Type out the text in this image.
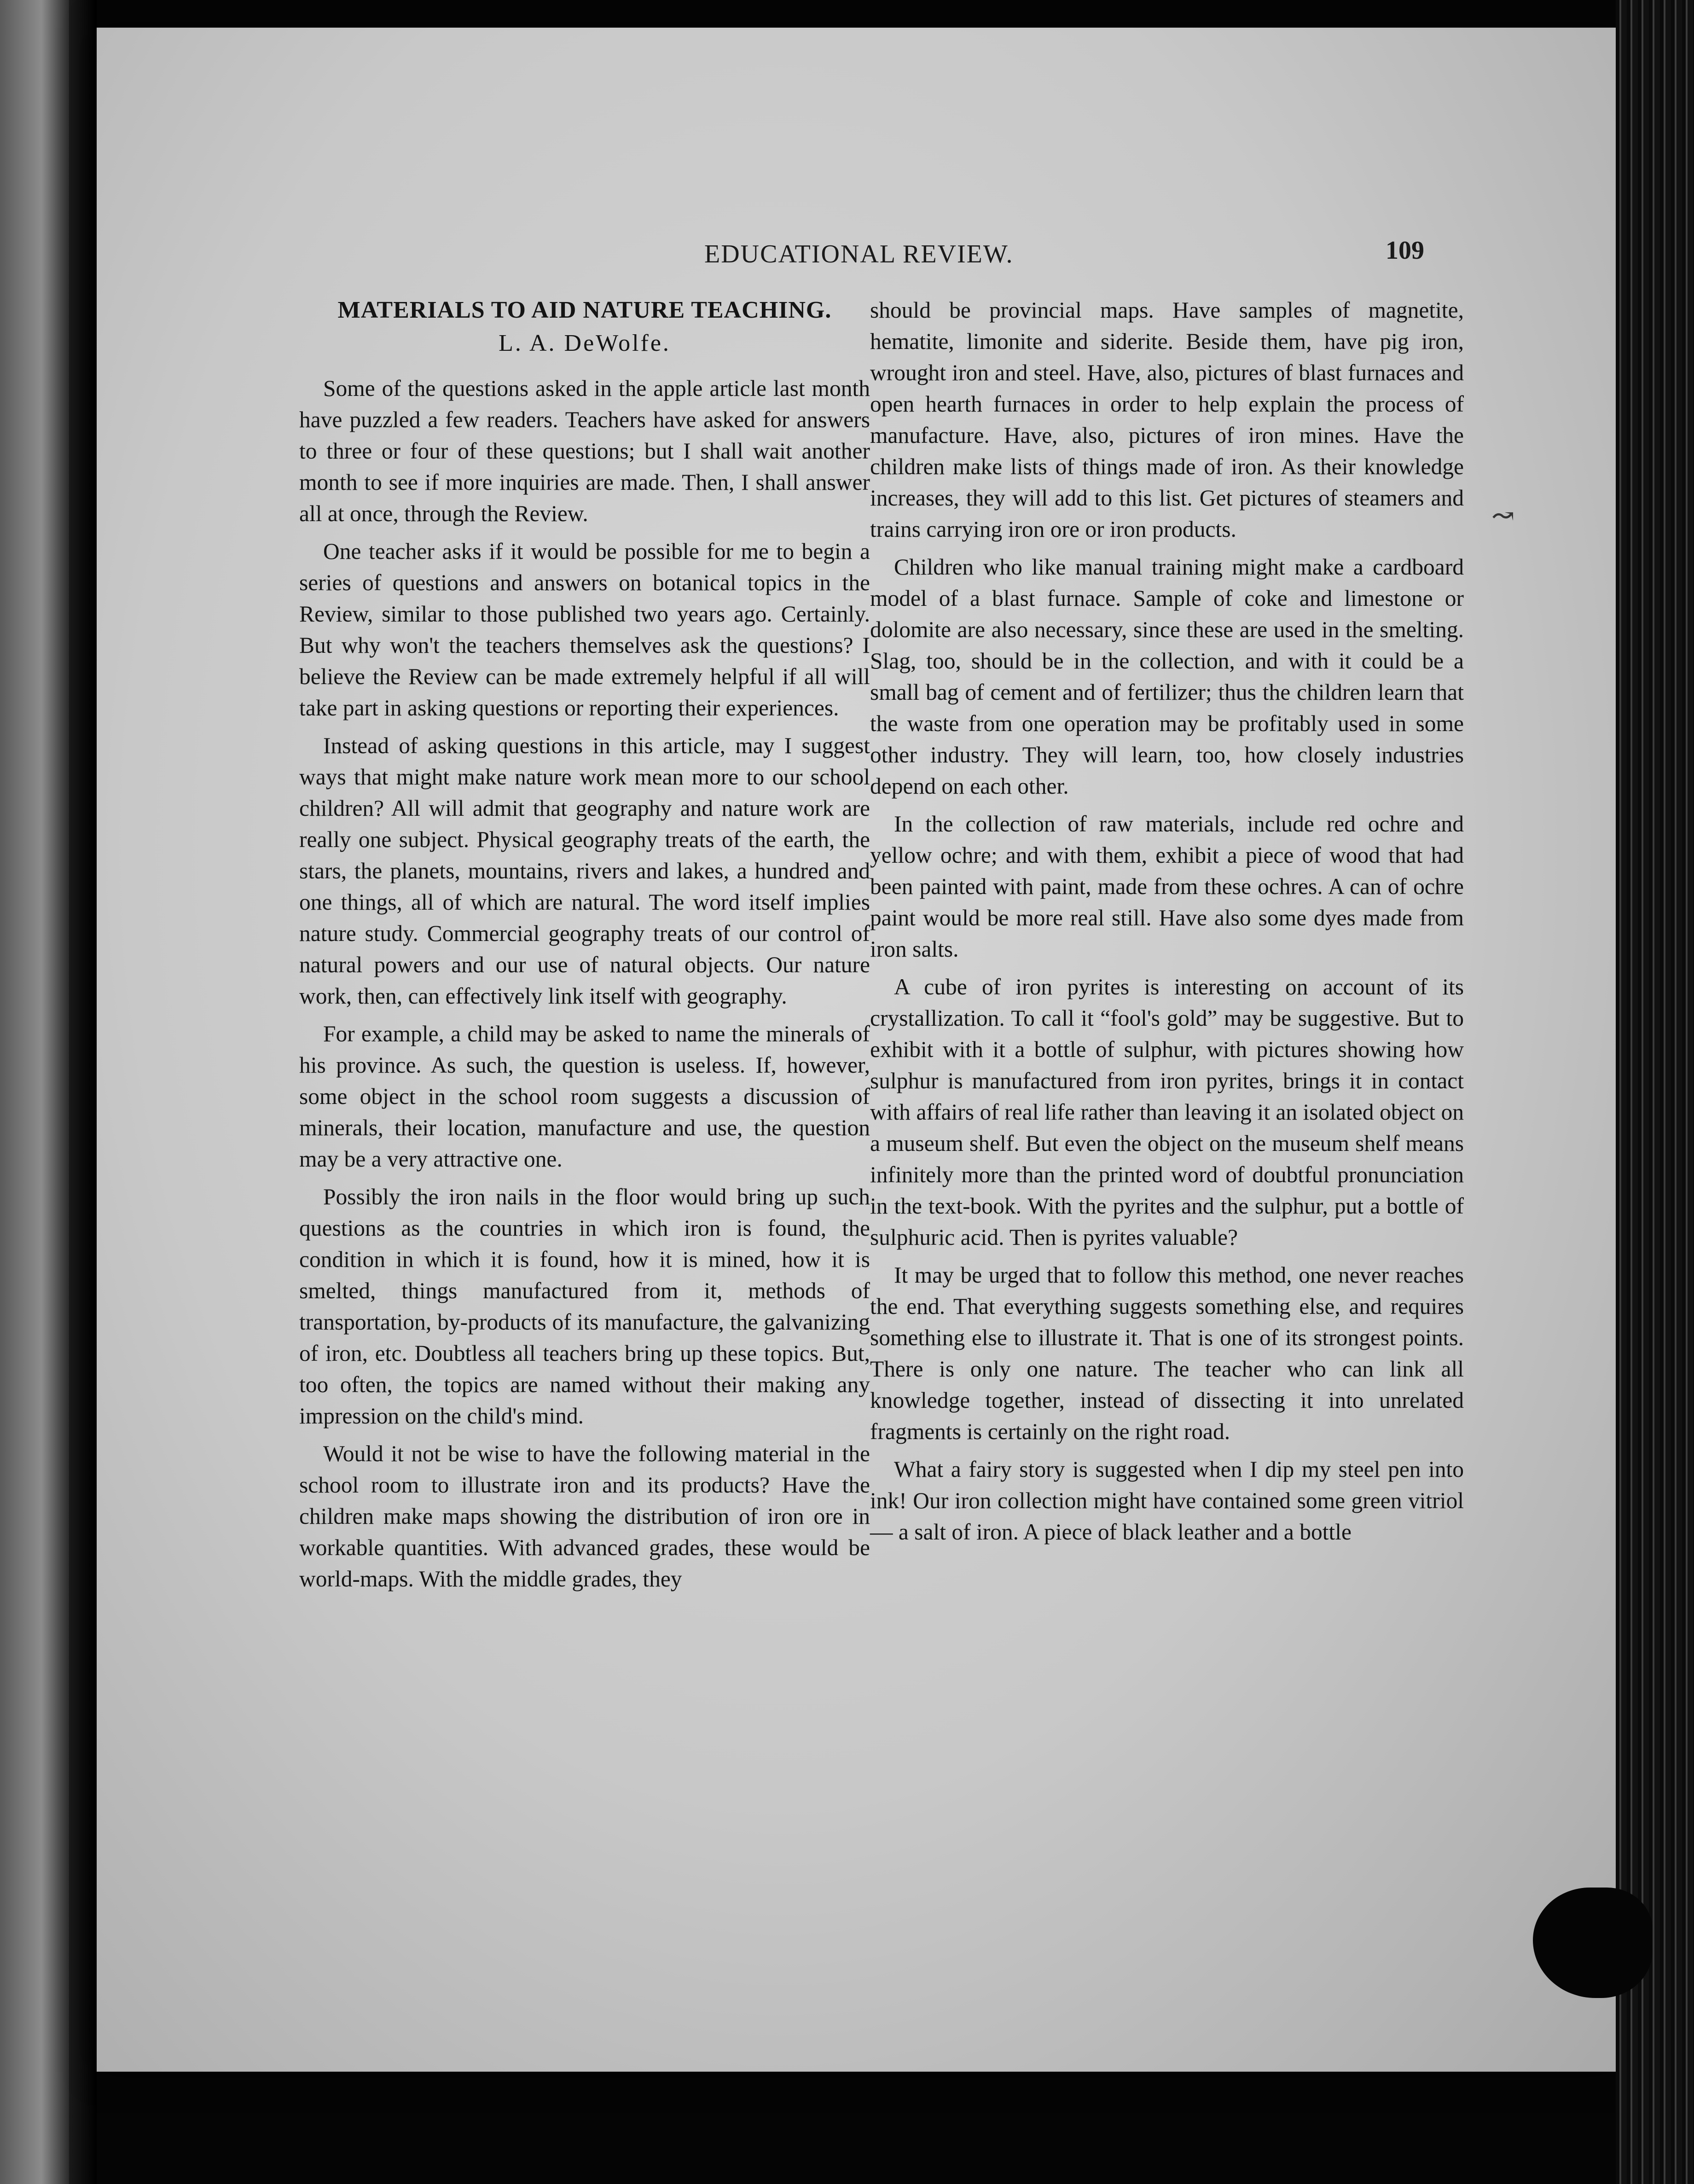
↝
EDUCATIONAL REVIEW.	109
MATERIALS TO AID NATURE TEACHING.
L. A. DeWolfe.

Some of the questions asked in the apple article last month have puzzled a few readers. Teachers have asked for answers to three or four of these questions; but I shall wait another month to see if more inquiries are made. Then, I shall answer all at once, through the Review.

One teacher asks if it would be possible for me to begin a series of questions and answers on botanical topics in the Review, similar to those published two years ago. Certainly. But why won't the teachers themselves ask the questions? I believe the Review can be made extremely helpful if all will take part in asking questions or reporting their experiences.

Instead of asking questions in this article, may I suggest ways that might make nature work mean more to our school children? All will admit that geography and nature work are really one subject. Physical geography treats of the earth, the stars, the planets, mountains, rivers and lakes, a hundred and one things, all of which are natural. The word itself implies nature study. Commercial geography treats of our control of natural powers and our use of natural objects. Our nature work, then, can effectively link itself with geography.

For example, a child may be asked to name the minerals of his province. As such, the question is useless. If, however, some object in the school room suggests a discussion of minerals, their location, manufacture and use, the question may be a very attractive one.

Possibly the iron nails in the floor would bring up such questions as the countries in which iron is found, the condition in which it is found, how it is mined, how it is smelted, things manufactured from it, methods of transportation, by-products of its manufacture, the galvanizing of iron, etc. Doubtless all teachers bring up these topics. But, too often, the topics are named without their making any impression on the child's mind.

Would it not be wise to have the following material in the school room to illustrate iron and its products? Have the children make maps showing the distribution of iron ore in workable quantities. With advanced grades, these would be world-maps. With the middle grades, they

should be provincial maps. Have samples of magnetite, hematite, limonite and siderite. Beside them, have pig iron, wrought iron and steel. Have, also, pictures of blast furnaces and open hearth furnaces in order to help explain the process of manufacture. Have, also, pictures of iron mines. Have the children make lists of things made of iron. As their knowledge increases, they will add to this list. Get pictures of steamers and trains carrying iron ore or iron products.

Children who like manual training might make a cardboard model of a blast furnace. Sample of coke and limestone or dolomite are also necessary, since these are used in the smelting. Slag, too, should be in the collection, and with it could be a small bag of cement and of fertilizer; thus the children learn that the waste from one operation may be profitably used in some other industry. They will learn, too, how closely industries depend on each other.

In the collection of raw materials, include red ochre and yellow ochre; and with them, exhibit a piece of wood that had been painted with paint, made from these ochres. A can of ochre paint would be more real still. Have also some dyes made from iron salts.

A cube of iron pyrites is interesting on account of its crystallization. To call it “fool's gold” may be suggestive. But to exhibit with it a bottle of sulphur, with pictures showing how sulphur is manufactured from iron pyrites, brings it in contact with affairs of real life rather than leaving it an isolated object on a museum shelf. But even the object on the museum shelf means infinitely more than the printed word of doubtful pronunciation in the text-book. With the pyrites and the sulphur, put a bottle of sulphuric acid. Then is pyrites valuable?

It may be urged that to follow this method, one never reaches the end. That everything suggests something else, and requires something else to illustrate it. That is one of its strongest points. There is only one nature. The teacher who can link all knowledge together, instead of dissecting it into unrelated fragments is certainly on the right road.

What a fairy story is suggested when I dip my steel pen into ink! Our iron collection might have contained some green vitriol — a salt of iron. A piece of black leather and a bottle
